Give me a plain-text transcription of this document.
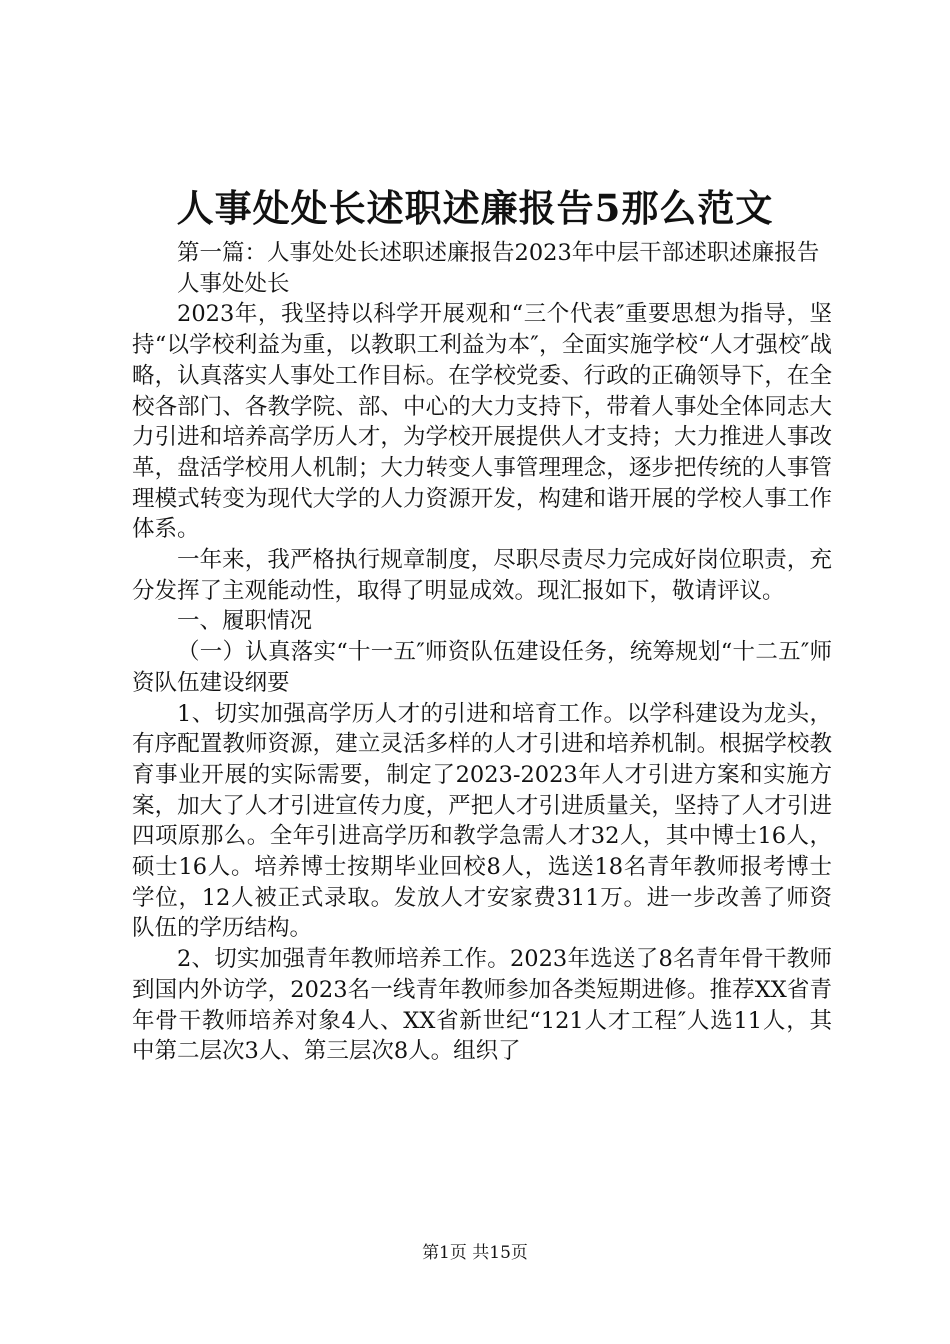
人事处处长述职述廉报告5那么范文

第一篇：人事处处长述职述廉报告2023年中层干部述职述廉报告

人事处处长

2023年，我坚持以科学开展观和“三个代表″重要思想为指导，坚持“以学校利益为重，以教职工利益为本″，全面实施学校“人才强校″战略，认真落实人事处工作目标。在学校党委、行政的正确领导下，在全校各部门、各教学院、部、中心的大力支持下，带着人事处全体同志大力引进和培养高学历人才，为学校开展提供人才支持；大力推进人事改革，盘活学校用人机制；大力转变人事管理理念，逐步把传统的人事管理模式转变为现代大学的人力资源开发，构建和谐开展的学校人事工作体系。

一年来，我严格执行规章制度，尽职尽责尽力完成好岗位职责，充分发挥了主观能动性，取得了明显成效。现汇报如下，敬请评议。

一、履职情况

（一）认真落实“十一五″师资队伍建设任务，统筹规划“十二五″师资队伍建设纲要

1、切实加强高学历人才的引进和培育工作。以学科建设为龙头，有序配置教师资源，建立灵活多样的人才引进和培养机制。根据学校教育事业开展的实际需要，制定了2023-2023年人才引进方案和实施方案，加大了人才引进宣传力度，严把人才引进质量关，坚持了人才引进四项原那么。全年引进高学历和教学急需人才32人，其中博士16人，硕士16人。培养博士按期毕业回校8人，选送18名青年教师报考博士学位，12人被正式录取。发放人才安家费311万。进一步改善了师资队伍的学历结构。

2、切实加强青年教师培养工作。2023年选送了8名青年骨干教师到国内外访学，2023名一线青年教师参加各类短期进修。推荐XX省青年骨干教师培养对象4人、XX省新世纪“121人才工程″人选11人，其中第二层次3人、第三层次8人。组织了

第1页 共15页
